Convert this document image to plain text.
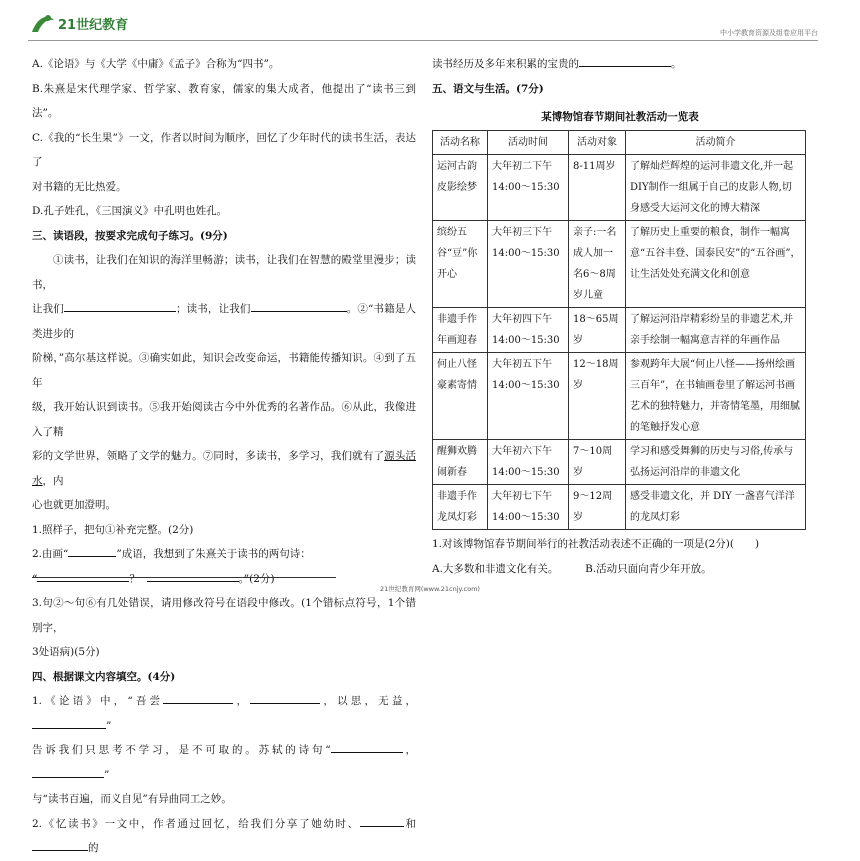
21世纪教育	中小学教育资源及组卷应用平台

A.《论语》与《大学《中庸》《孟子》合称为“四书”。

B.朱熹是宋代理学家、哲学家、教育家，儒家的集大成者，他提出了“读书三到法”。

C.《我的“长生果”》一文，作者以时间为顺序，回忆了少年时代的读书生活，表达了

对书籍的无比热爱。

D.孔子姓孔，《三国演义》中孔明也姓孔。

三、读语段，按要求完成句子练习。(9分)

①读书，让我们在知识的海洋里畅游；读书，让我们在智慧的殿堂里漫步；读书，

让我们	；读书，让我们	。②“书籍是人类进步的

阶梯，”高尔基这样说。③确实如此，知识会改变命运，书籍能传播知识。④到了五年

级，我开始认识到读书。⑤我开始阅读古今中外优秀的名著作品。⑥从此，我像进入了精

彩的文学世界，领略了文学的魅力。⑦同时，多读书，多学习，我们就有了源头活水，内

心也就更加澄明。

1.照样子，把句①补充完整。(2分)

2.由画“	”成语，我想到了朱熹关于读书的两句诗：

“	？	。”(2分)

3.句②～句⑥有几处错误，请用修改符号在语段中修改。(1个错标点符号，1个错别字，

3处语病)(5分)

四、根据课文内容填空。(4分)

1.《论语》中，“吾尝	，	，以思，无益，”

告诉我们只思考不学习，是不可取的。苏轼的诗句“	，”

与“读书百遍，而义自见”有异曲同工之妙。

2.《忆读书》一文中，作者通过回忆，给我们分享了她幼时、	和的

读书经历及多年来积累的宝贵的	。

五、语文与生活。(7分)

某博物馆春节期间社教活动一览表
活动名称	活动时间	活动对象	活动简介
运河古韵皮影绘梦	大年初二下午14:00～15:30	8-11周岁	了解灿烂辉煌的运河非遗文化,并一起DIY制作一组属于自己的皮影人物,切身感受大运河文化的博大精深
缤纷五谷“豆”你开心	大年初三下午14:00～15:30	亲子:一名成人加一名6～8周岁儿童	了解历史上重要的粮食，制作一幅寓意“五谷丰登、国泰民安”的“五谷画”，让生活处处充满文化和创意
非遗手作年画迎春	大年初四下午14:00～15:30	18～65周岁	了解运河沿岸精彩纷呈的非遗艺术,并亲手绘制一幅寓意吉祥的年画作品
何止八怪豪素寄情	大年初五下午14:00～15:30	12～18周岁	参观跨年大展“何止八怪——扬州绘画三百年”，在书轴画卷里了解运河书画艺术的独特魅力，并寄情笔墨，用细腻的笔触抒发心意
醒狮欢腾闹新春	大年初六下午14:00～15:30	7～10周岁	学习和感受舞狮的历史与习俗,传承与弘扬运河沿岸的非遗文化
非遗手作龙凤灯彩	大年初七下午14:00～15:30	9～12周岁	感受非遗文化，并 DIY 一盏喜气洋洋的龙凤灯彩

1.对该博物馆春节期间举行的社教活动表述不正确的一项是(2分)(　　)

A.大多数和非遗文化有关。	B.活动只面向青少年开放。

21世纪教育网(www.21cnjy.com)
